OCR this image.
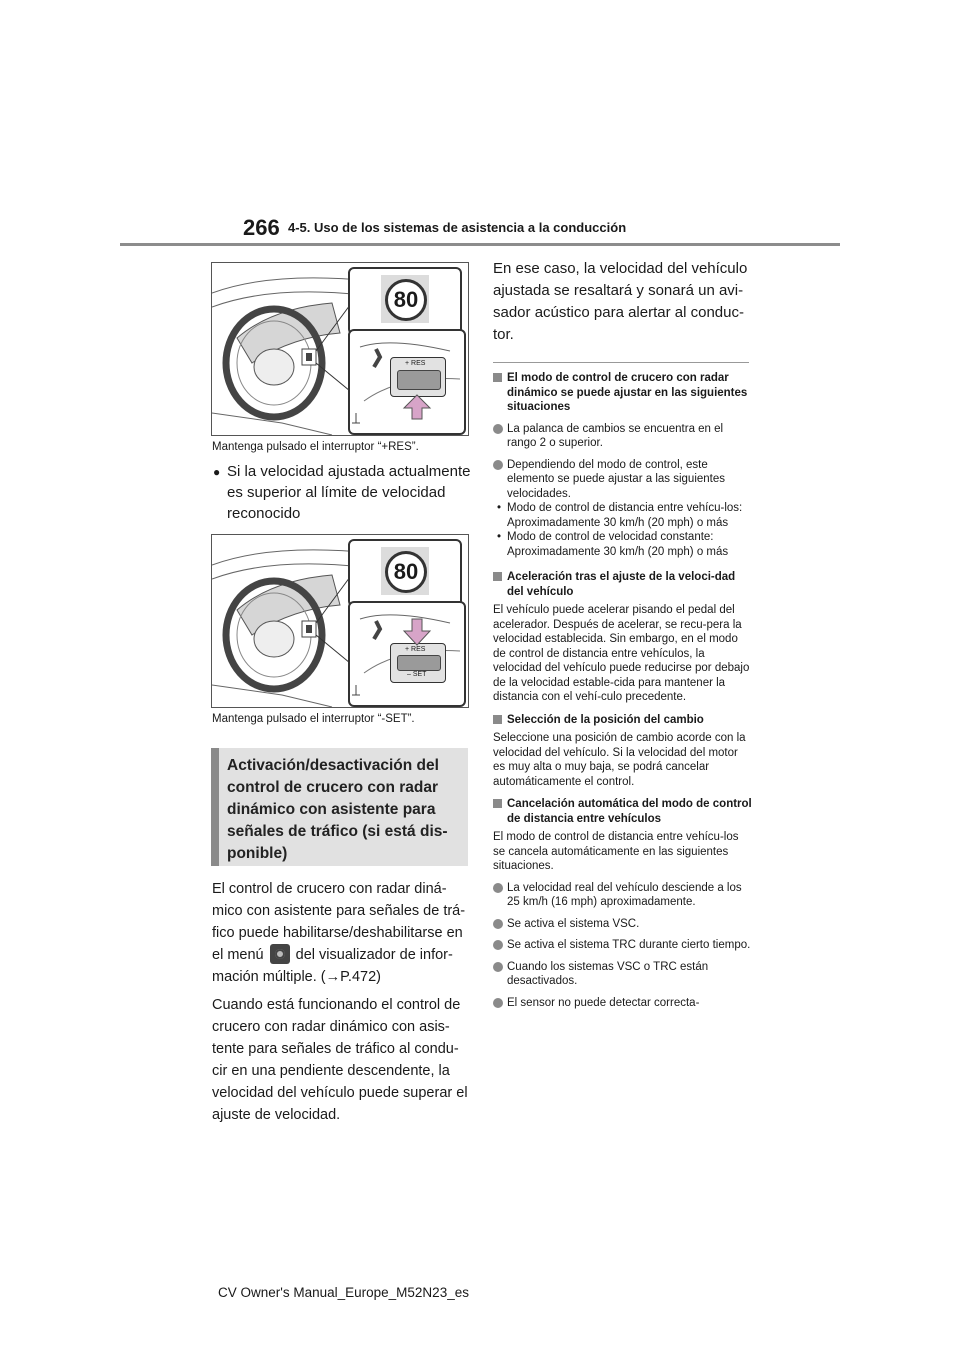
266 4-5. Uso de los sistemas de asistencia a la conducción
80
+ RES
Mantenga pulsado el interruptor “+RES”.
● Si la velocidad ajustada actualmente es superior al límite de velocidad reconocido
80
+ RES
– SET
Mantenga pulsado el interruptor “-SET”.
Activación/desactivación del control de crucero con radar dinámico con asistente para señales de tráfico (si está dis-ponible)

El control de crucero con radar diná-mico con asistente para señales de trá-fico puede habilitarse/deshabilitarse en el menú del visualizador de infor-mación múltiple. (→P.472)

Cuando está funcionando el control de crucero con radar dinámico con asis-tente para señales de tráfico al condu-cir en una pendiente descendente, la velocidad del vehículo puede superar el ajuste de velocidad.

En ese caso, la velocidad del vehículo ajustada se resaltará y sonará un avi-sador acústico para alertar al conduc-tor.
El modo de control de crucero con radar dinámico se puede ajustar en las siguientes situaciones
La palanca de cambios se encuentra en el rango 2 o superior.
Dependiendo del modo de control, este elemento se puede ajustar a las siguientes velocidades.
• Modo de control de distancia entre vehícu-los: Aproximadamente 30 km/h (20 mph) o más
• Modo de control de velocidad constante: Aproximadamente 30 km/h (20 mph) o más
Aceleración tras el ajuste de la veloci-dad del vehículo
El vehículo puede acelerar pisando el pedal del acelerador. Después de acelerar, se recu-pera la velocidad establecida. Sin embargo, en el modo de control de distancia entre vehículos, la velocidad del vehículo puede reducirse por debajo de la velocidad estable-cida para mantener la distancia con el vehí-culo precedente.
Selección de la posición del cambio
Seleccione una posición de cambio acorde con la velocidad del vehículo. Si la velocidad del motor es muy alta o muy baja, se podrá cancelar automáticamente el control.
Cancelación automática del modo de control de distancia entre vehículos
El modo de control de distancia entre vehícu-los se cancela automáticamente en las siguientes situaciones.
La velocidad real del vehículo desciende a los 25 km/h (16 mph) aproximadamente.
Se activa el sistema VSC.
Se activa el sistema TRC durante cierto tiempo.
Cuando los sistemas VSC o TRC están desactivados.
El sensor no puede detectar correcta-
CV Owner's Manual_Europe_M52N23_es
